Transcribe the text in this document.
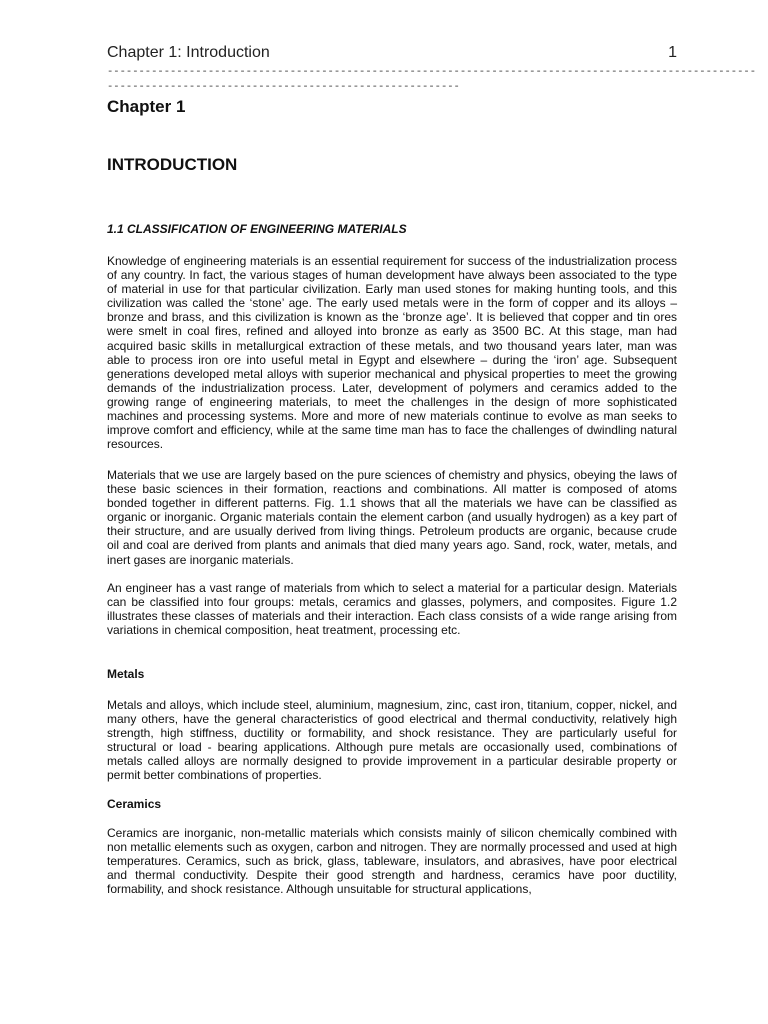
Chapter 1: Introduction	1
-------------------------------------------------------------------------------------------------------
--------------------------------------------------------
Chapter 1
INTRODUCTION
1.1 CLASSIFICATION OF ENGINEERING MATERIALS

Knowledge of engineering materials is an essential requirement for success of the industrialization process of any country. In fact, the various stages of human development have always been associated to the type of material in use for that particular civilization. Early man used stones for making hunting tools, and this civilization was called the ‘stone’ age. The early used metals were in the form of copper and its alloys – bronze and brass, and this civilization is known as the ‘bronze age’. It is believed that copper and tin ores were smelt in coal fires, refined and alloyed into bronze as early as 3500 BC. At this stage, man had acquired basic skills in metallurgical extraction of these metals, and two thousand years later, man was able to process iron ore into useful metal in Egypt and elsewhere – during the ‘iron’ age. Subsequent generations developed metal alloys with superior mechanical and physical properties to meet the growing demands of the industrialization process. Later, development of polymers and ceramics added to the growing range of engineering materials, to meet the challenges in the design of more sophisticated machines and processing systems. More and more of new materials continue to evolve as man seeks to improve comfort and efficiency, while at the same time man has to face the challenges of dwindling natural resources.

Materials that we use are largely based on the pure sciences of chemistry and physics, obeying the laws of these basic sciences in their formation, reactions and combinations. All matter is composed of atoms bonded together in different patterns. Fig. 1.1 shows that all the materials we have can be classified as organic or inorganic. Organic materials contain the element carbon (and usually hydrogen) as a key part of their structure, and are usually derived from living things. Petroleum products are organic, because crude oil and coal are derived from plants and animals that died many years ago. Sand, rock, water, metals, and inert gases are inorganic materials.

An engineer has a vast range of materials from which to select a material for a particular design. Materials can be classified into four groups: metals, ceramics and glasses, polymers, and composites. Figure 1.2 illustrates these classes of materials and their interaction. Each class consists of a wide range arising from variations in chemical composition, heat treatment, processing etc.

Metals

Metals and alloys, which include steel, aluminium, magnesium, zinc, cast iron, titanium, copper, nickel, and many others, have the general characteristics of good electrical and thermal conductivity, relatively high strength, high stiffness, ductility or formability, and shock resistance. They are particularly useful for structural or load - bearing applications. Although pure metals are occasionally used, combinations of metals called alloys are normally designed to provide improvement in a particular desirable property or permit better combinations of properties.

Ceramics

Ceramics are inorganic, non-metallic materials which consists mainly of silicon chemically combined with non metallic elements such as oxygen, carbon and nitrogen. They are normally processed and used at high temperatures. Ceramics, such as brick, glass, tableware, insulators, and abrasives, have poor electrical and thermal conductivity. Despite their good strength and hardness, ceramics have poor ductility, formability, and shock resistance. Although unsuitable for structural applications,
